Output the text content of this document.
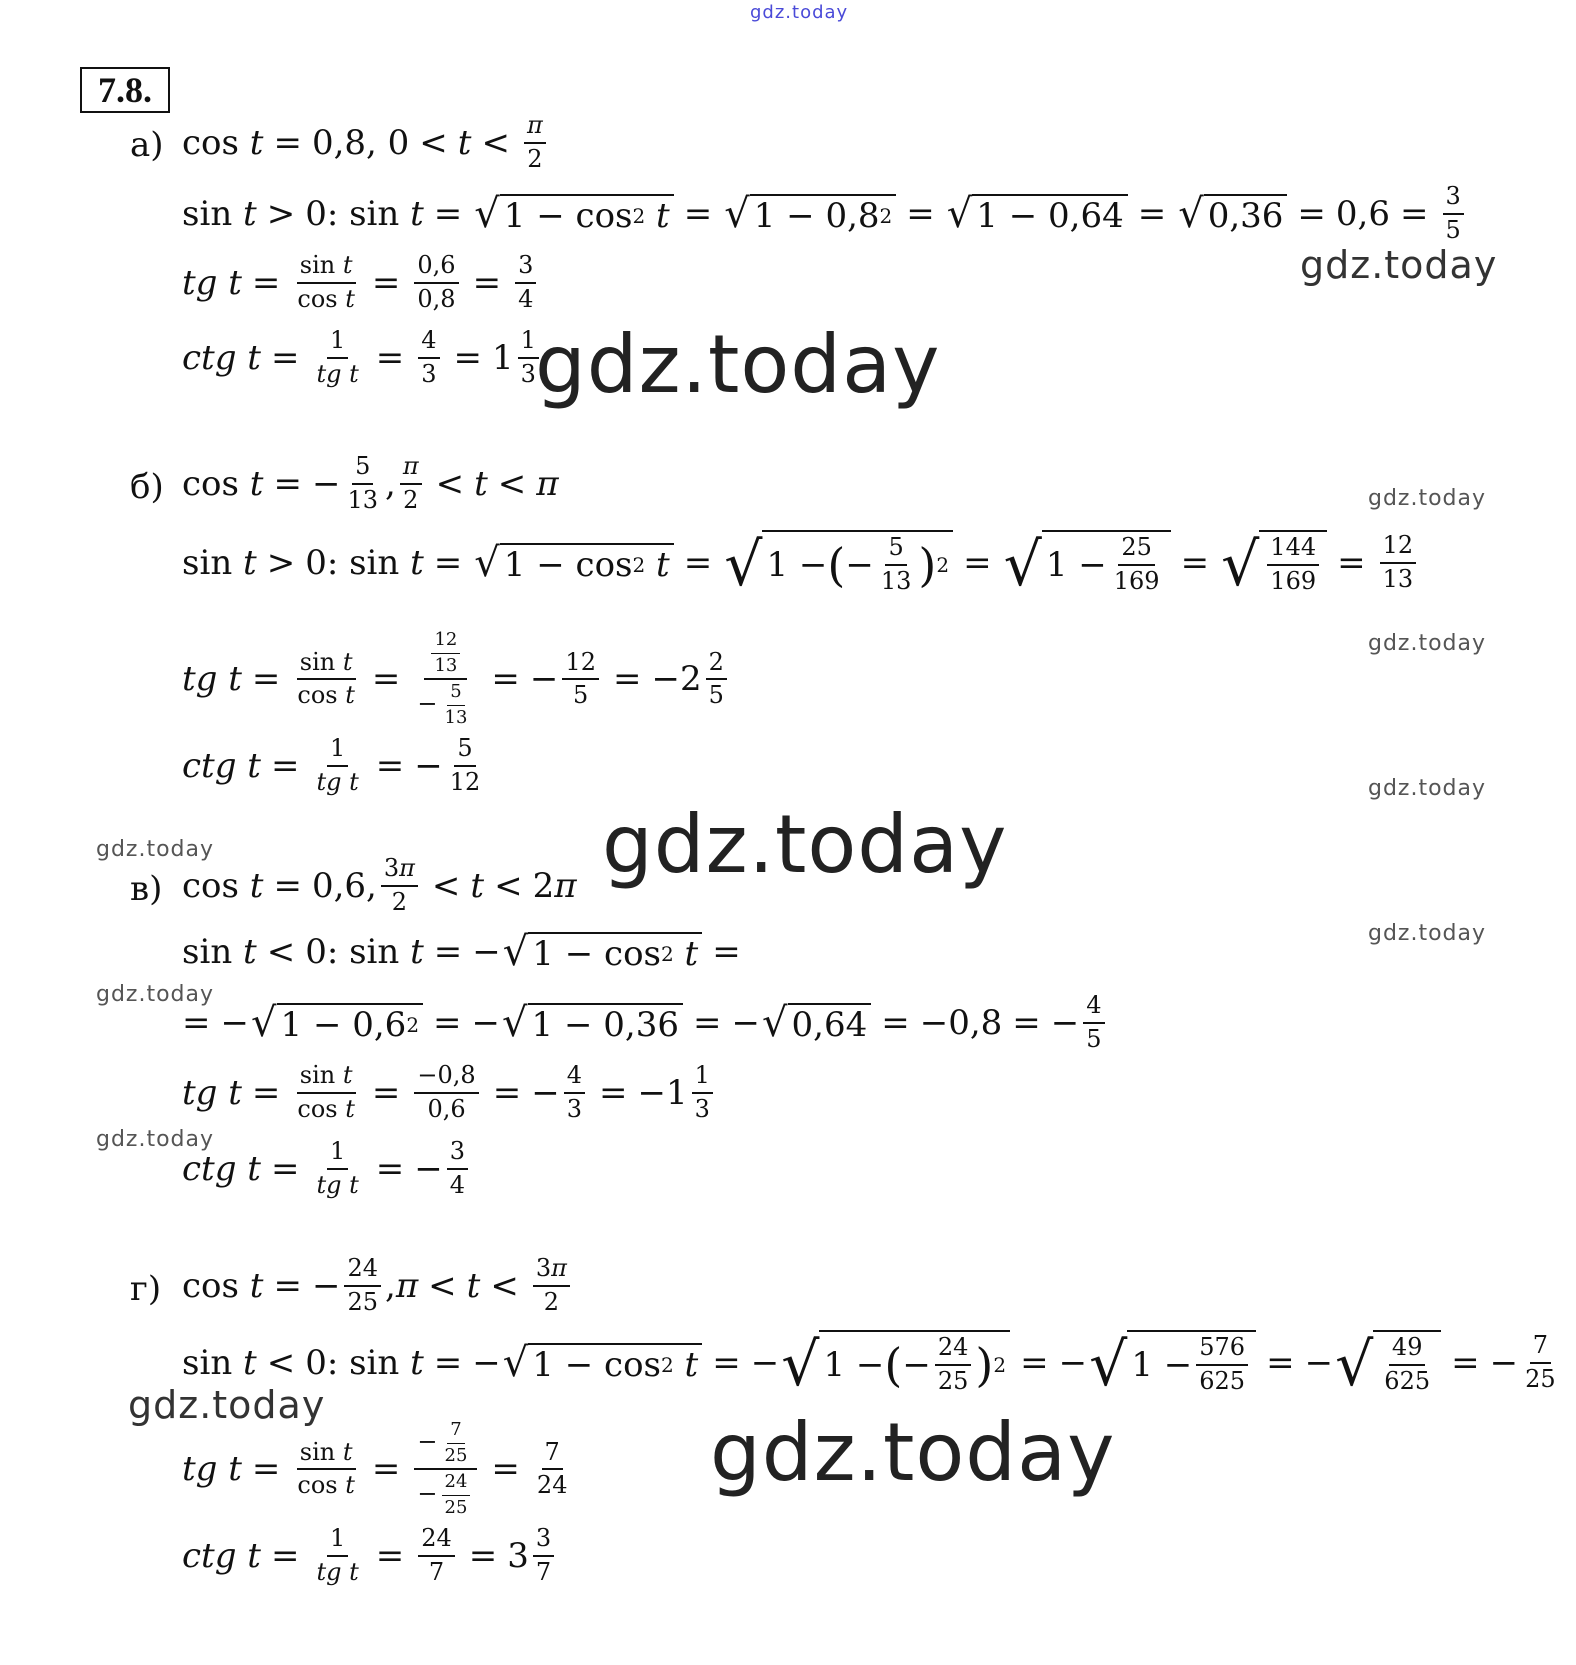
gdz.today
gdz.today
gdz.today
gdz.today
gdz.today
gdz.today
gdz.today	gdz.today
gdz.today
gdz.today
gdz.today
gdz.today
gdz.today
7.8.
а) cos t = 0,8, $0 < t < \frac{\pi}{2}$
sin t > 0: sin t = √ 1 − cos 2
t = √ 1 − 0,8 2 = √ 1 − 0,64 = √ $0,36 = 0,6 = \frac{3}{5}$
tg $t = \frac{\text{sin t}}{\text{cos t}} = \frac{0,6}{0,8} = \frac{3}{4}$
ctg $t = \frac{1}{\text{tg t}} = \frac{4}{3} = 1 \frac{1}{3}$
б) cos t = − $\frac{5}{13}$ , $\frac{\pi}{2} < t < \pi$
sin t > 0: sin t = √ 1 − cos 2
t = √ 1 − ( − $\frac{5}{13}$ ) 2 = √ $1 - \frac{25}{169}$ = √ $\frac{144}{169} = \frac{12}{13}$
tg $t = \frac{\text{sin t}}{\text{cos t}} = \frac{\frac{12}{13}}{- \frac{5}{13}}$ = − $\frac{12}{5} = -2 \frac{2}{5}$
ctg $t = \frac{1}{\text{tg t}}$ = − $\frac{5}{12}$
в) cos t = 0,6, $\frac{3\pi}{2} < t < 2$ π
sin t < 0: sin t = − √ 1 − cos 2
t =
= − √ 1 − 0,6 2 = − √ 1 − 0,36 = − √ 0,64 = −0,8 = − $\frac{4}{5}$
tg $t = \frac{\text{sin t}}{\text{cos t}} = \frac{-0,8}{0,6}$ = − $\frac{4}{3} = -1 \frac{1}{3}$
ctg $t = \frac{1}{\text{tg t}}$ = − $\frac{3}{4}$
г) cos t = − $\frac{24}{25}$ , $\pi < t < \frac{3\pi}{2}$
sin t < 0: sin t = − √ 1 − cos 2
t = − √ 1 − ( − $\frac{24}{25}$ ) 2 = − √ $1 - \frac{576}{625}$ = − √ $\frac{49}{625}$ = − $\frac{7}{25}$
tg $t = \frac{\text{sin t}}{\text{cos t}} = \frac{- \frac{7}{25}}{- \frac{24}{25}} = \frac{7}{24}$
ctg $t = \frac{1}{\text{tg t}} = \frac{24}{7} = 3 \frac{3}{7}$
